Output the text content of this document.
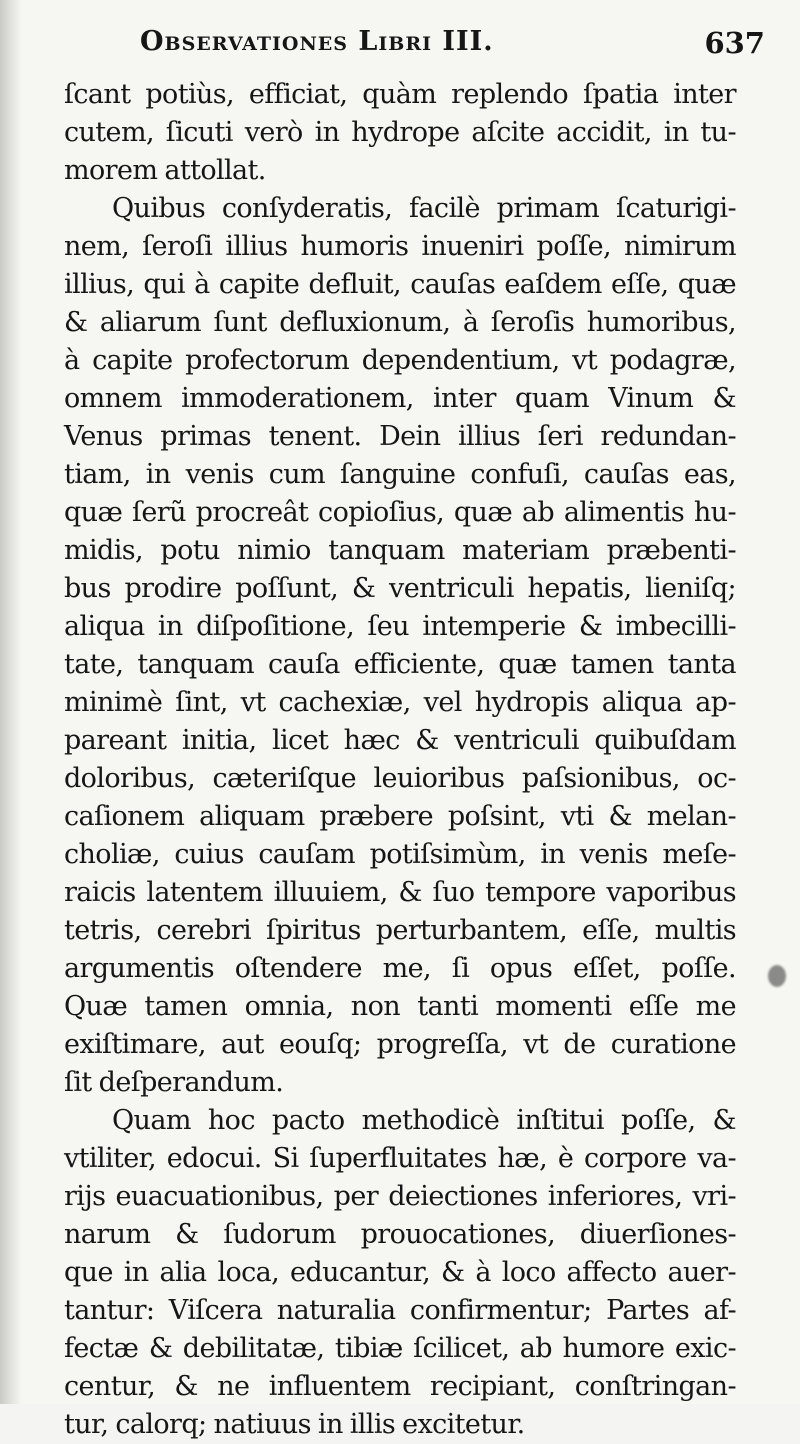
Observationes Libri III.	637
ſcant potiùs, efficiat, quàm replendo ſpatia inter
cutem, ſicuti verò in hydrope aſcite accidit, in tu-
morem attollat.
Quibus conſyderatis, facilè primam ſcaturigi-
nem, ſeroſi illius humoris inueniri poſſe, nimirum
illius, qui à capite defluit, cauſas eaſdem eſſe, quæ
& aliarum ſunt defluxionum, à ſeroſis humoribus,
à capite profectorum dependentium, vt podagræ,
omnem immoderationem, inter quam Vinum &
Venus primas tenent. Dein illius ſeri redundan-
tiam, in venis cum ſanguine confuſi, cauſas eas,
quæ ſerũ procreât copioſius, quæ ab alimentis hu-
midis, potu nimio tanquam materiam præbenti-
bus prodire poſſunt, & ventriculi hepatis, lieniſq;
aliqua in diſpoſitione, ſeu intemperie & imbecilli-
tate, tanquam cauſa efficiente, quæ tamen tanta
minimè ſint, vt cachexiæ, vel hydropis aliqua ap-
pareant initia, licet hæc & ventriculi quibuſdam
doloribus, cæteriſque leuioribus paſsionibus, oc-
caſionem aliquam præbere poſsint, vti & melan-
choliæ, cuius cauſam potiſsimùm, in venis meſe-
raicis latentem illuuiem, & ſuo tempore vaporibus
tetris, cerebri ſpiritus perturbantem, eſſe, multis
argumentis oſtendere me, ſi opus eſſet, poſſe.
Quæ tamen omnia, non tanti momenti eſſe me
exiſtimare, aut eouſq; progreſſa, vt de curatione
ſit deſperandum.
Quam hoc pacto methodicè inſtitui poſſe, &
vtiliter, edocui. Si ſuperfluitates hæ, è corpore va-
rijs euacuationibus, per deiectiones inferiores, vri-
narum & ſudorum prouocationes, diuerſiones-
que in alia loca, educantur, & à loco affecto auer-
tantur: Viſcera naturalia confirmentur; Partes af-
fectæ & debilitatæ, tibiæ ſcilicet, ab humore exic-
centur, & ne influentem recipiant, conſtringan-
tur, calorq; natiuus in illis excitetur.
